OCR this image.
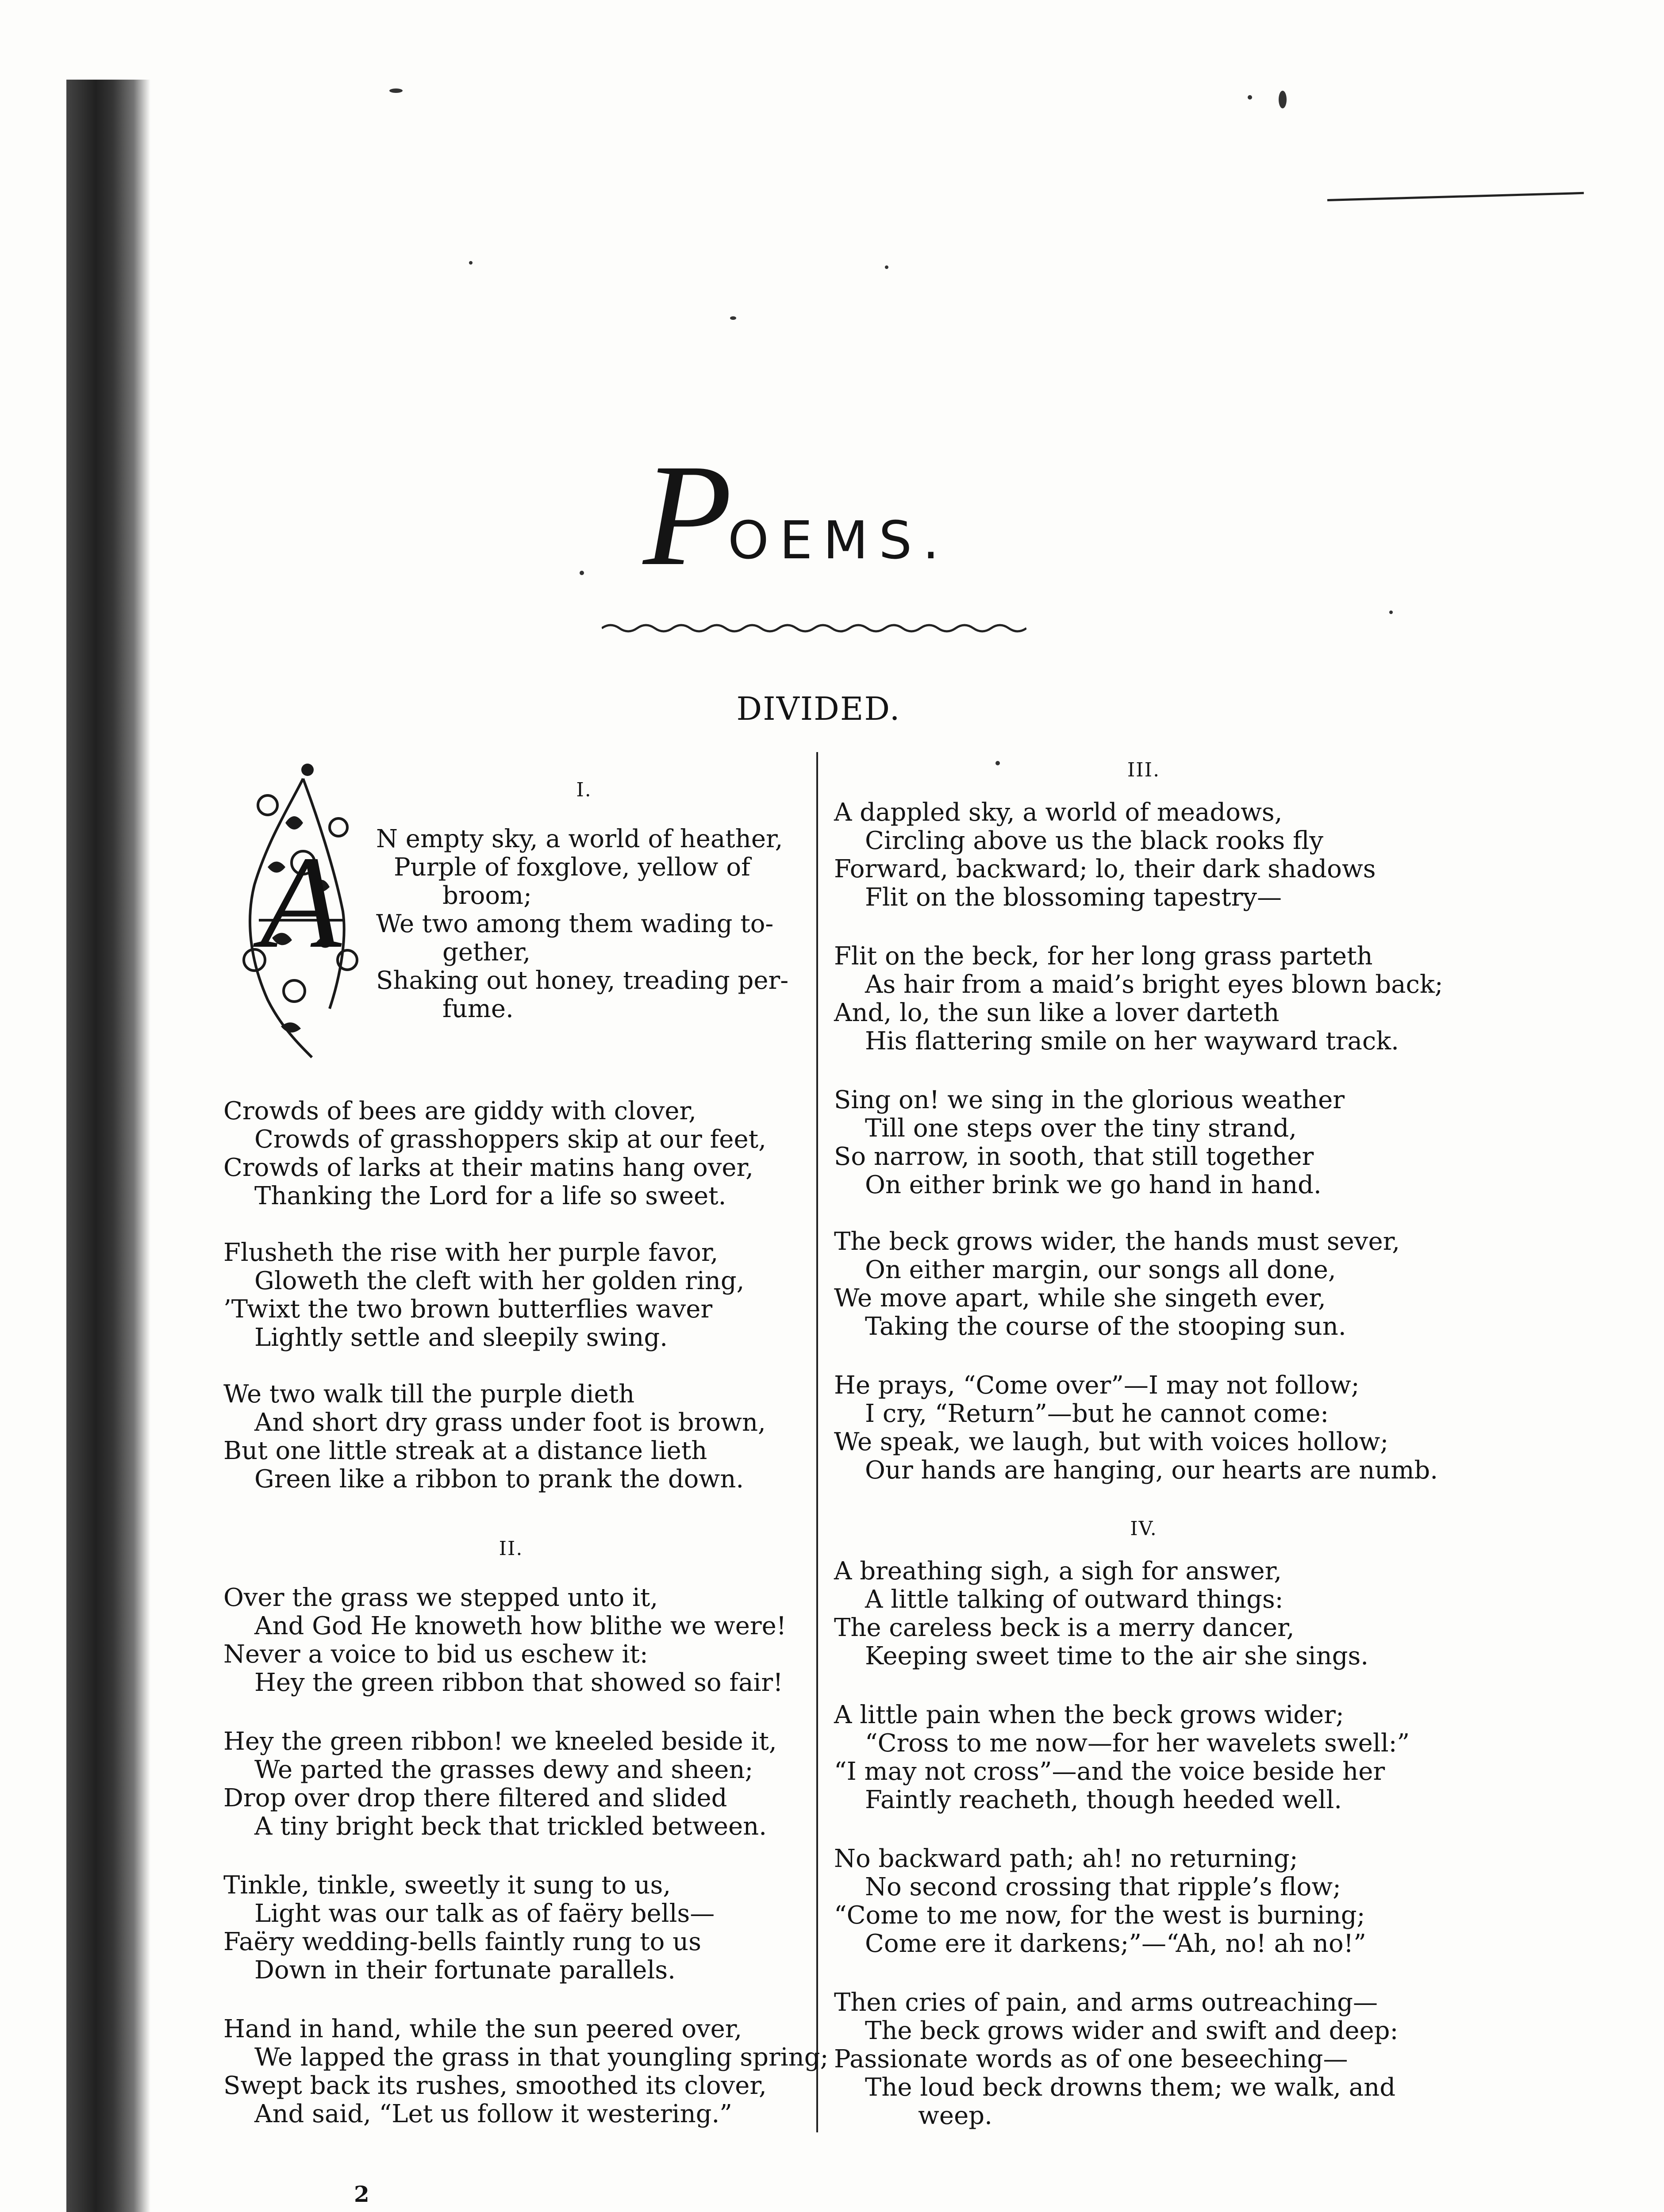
POEMS.
DIVIDED.
A
I.
N empty sky, a world of heather,
Purple of foxglove, yellow of
broom;
We two among them wading to-
gether,
Shaking out honey, treading per-
fume.
Crowds of bees are giddy with clover,
Crowds of grasshoppers skip at our feet,
Crowds of larks at their matins hang over,
Thanking the Lord for a life so sweet.
Flusheth the rise with her purple favor,
Gloweth the cleft with her golden ring,
’Twixt the two brown butterflies waver
Lightly settle and sleepily swing.
We two walk till the purple dieth
And short dry grass under foot is brown,
But one little streak at a distance lieth
Green like a ribbon to prank the down.
II.
Over the grass we stepped unto it,
And God He knoweth how blithe we were!
Never a voice to bid us eschew it:
Hey the green ribbon that showed so fair!
Hey the green ribbon! we kneeled beside it,
We parted the grasses dewy and sheen;
Drop over drop there filtered and slided
A tiny bright beck that trickled between.
Tinkle, tinkle, sweetly it sung to us,
Light was our talk as of faëry bells—
Faëry wedding-bells faintly rung to us
Down in their fortunate parallels.
Hand in hand, while the sun peered over,
We lapped the grass in that youngling spring;
Swept back its rushes, smoothed its clover,
And said, “Let us follow it westering.”
III.
A dappled sky, a world of meadows,
Circling above us the black rooks fly
Forward, backward; lo, their dark shadows
Flit on the blossoming tapestry—
Flit on the beck, for her long grass parteth
As hair from a maid’s bright eyes blown back;
And, lo, the sun like a lover darteth
His flattering smile on her wayward track.
Sing on! we sing in the glorious weather
Till one steps over the tiny strand,
So narrow, in sooth, that still together
On either brink we go hand in hand.
The beck grows wider, the hands must sever,
On either margin, our songs all done,
We move apart, while she singeth ever,
Taking the course of the stooping sun.
He prays, “Come over”—I may not follow;
I cry, “Return”—but he cannot come:
We speak, we laugh, but with voices hollow;
Our hands are hanging, our hearts are numb.
IV.
A breathing sigh, a sigh for answer,
A little talking of outward things:
The careless beck is a merry dancer,
Keeping sweet time to the air she sings.
A little pain when the beck grows wider;
“Cross to me now—for her wavelets swell:”
“I may not cross”—and the voice beside her
Faintly reacheth, though heeded well.
No backward path; ah! no returning;
No second crossing that ripple’s flow;
“Come to me now, for the west is burning;
Come ere it darkens;”—“Ah, no! ah no!”
Then cries of pain, and arms outreaching—
The beck grows wider and swift and deep:
Passionate words as of one beseeching—
The loud beck drowns them; we walk, and
weep.
2
